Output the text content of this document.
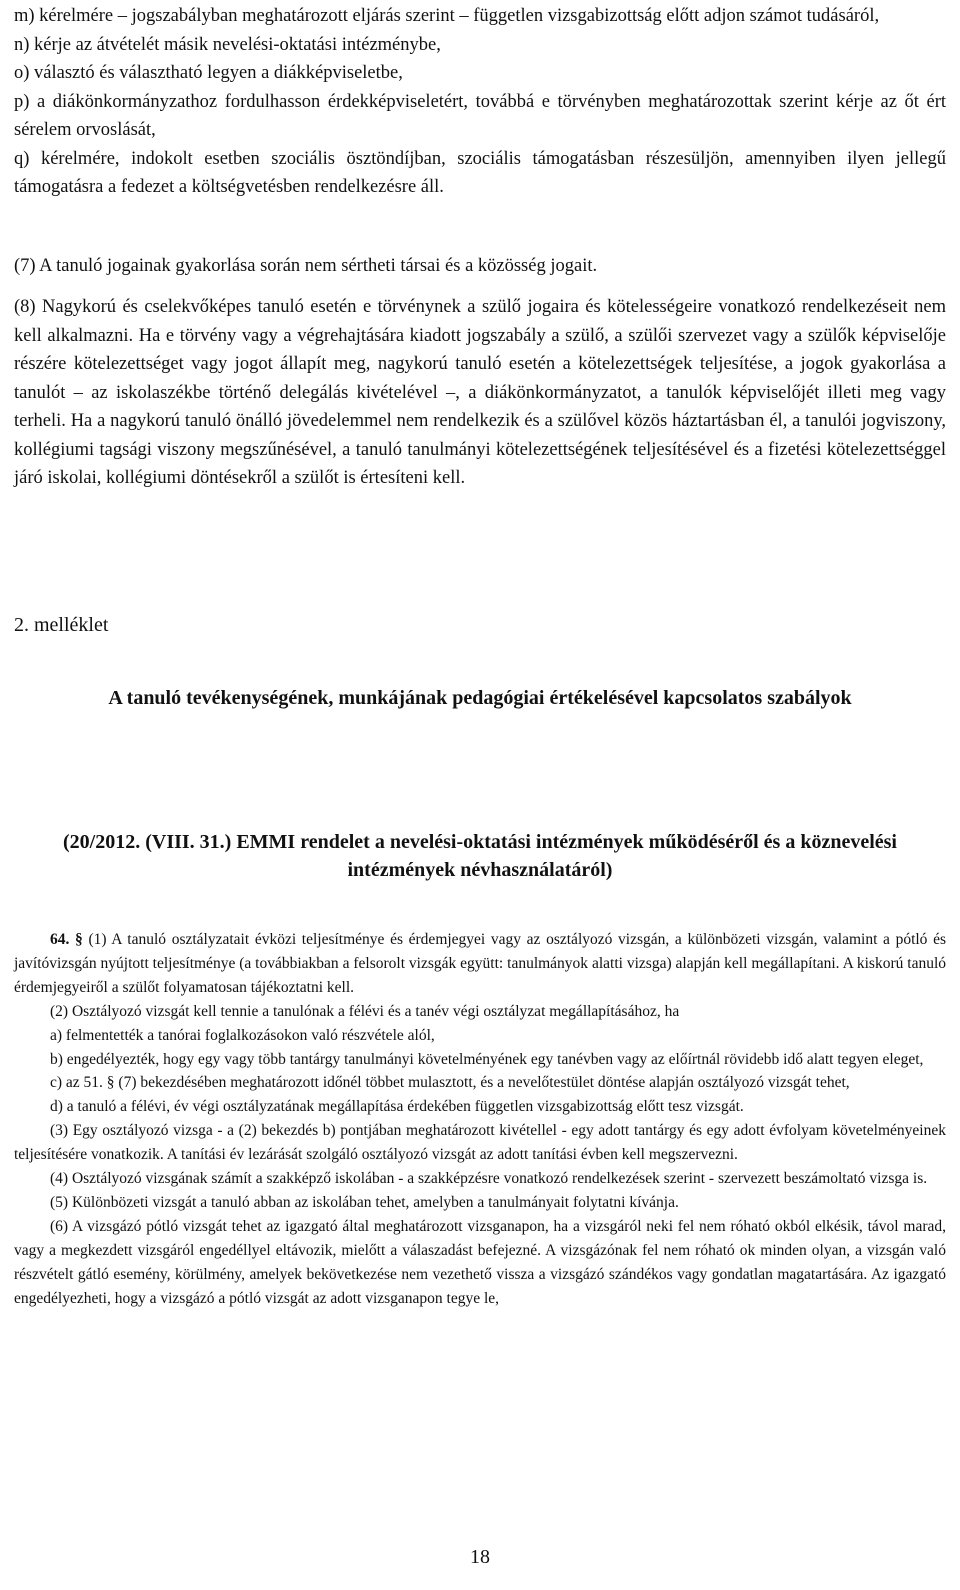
m) kérelmére – jogszabályban meghatározott eljárás szerint – független vizsgabizottság előtt adjon számot tudásáról,

n) kérje az átvételét másik nevelési-oktatási intézménybe,

o) választó és választható legyen a diákképviseletbe,

p) a diákönkormányzathoz fordulhasson érdekképviseletért, továbbá e törvényben meghatározottak szerint kérje az őt ért sérelem orvoslását,

q) kérelmére, indokolt esetben szociális ösztöndíjban, szociális támogatásban részesüljön, amennyiben ilyen jellegű támogatásra a fedezet a költségvetésben rendelkezésre áll.

(7) A tanuló jogainak gyakorlása során nem sértheti társai és a közösség jogait.

(8) Nagykorú és cselekvőképes tanuló esetén e törvénynek a szülő jogaira és kötelességeire vonatkozó rendelkezéseit nem kell alkalmazni. Ha e törvény vagy a végrehajtására kiadott jogszabály a szülő, a szülői szervezet vagy a szülők képviselője részére kötelezettséget vagy jogot állapít meg, nagykorú tanuló esetén a kötelezettségek teljesítése, a jogok gyakorlása a tanulót – az iskolaszékbe történő delegálás kivételével –, a diákönkormányzatot, a tanulók képviselőjét illeti meg vagy terheli. Ha a nagykorú tanuló önálló jövedelemmel nem rendelkezik és a szülővel közös háztartásban él, a tanulói jogviszony, kollégiumi tagsági viszony megszűnésével, a tanuló tanulmányi kötelezettségének teljesítésével és a fizetési kötelezettséggel járó iskolai, kollégiumi döntésekről a szülőt is értesíteni kell.

2. melléklet

A tanuló tevékenységének, munkájának pedagógiai értékelésével kapcsolatos szabályok

(20/2012. (VIII. 31.) EMMI rendelet a nevelési-oktatási intézmények működéséről és a köznevelési intézmények névhasználatáról)

64. § (1) A tanuló osztályzatait évközi teljesítménye és érdemjegyei vagy az osztályozó vizsgán, a különbözeti vizsgán, valamint a pótló és javítóvizsgán nyújtott teljesítménye (a továbbiakban a felsorolt vizsgák együtt: tanulmányok alatti vizsga) alapján kell megállapítani. A kiskorú tanuló érdemjegyeiről a szülőt folyamatosan tájékoztatni kell.

(2) Osztályozó vizsgát kell tennie a tanulónak a félévi és a tanév végi osztályzat megállapításához, ha

a) felmentették a tanórai foglalkozásokon való részvétele alól,

b) engedélyezték, hogy egy vagy több tantárgy tanulmányi követelményének egy tanévben vagy az előírtnál rövidebb idő alatt tegyen eleget,

c) az 51. § (7) bekezdésében meghatározott időnél többet mulasztott, és a nevelőtestület döntése alapján osztályozó vizsgát tehet,

d) a tanuló a félévi, év végi osztályzatának megállapítása érdekében független vizsgabizottság előtt tesz vizsgát.

(3) Egy osztályozó vizsga - a (2) bekezdés b) pontjában meghatározott kivétellel - egy adott tantárgy és egy adott évfolyam követelményeinek teljesítésére vonatkozik. A tanítási év lezárását szolgáló osztályozó vizsgát az adott tanítási évben kell megszervezni.

(4) Osztályozó vizsgának számít a szakképző iskolában - a szakképzésre vonatkozó rendelkezések szerint - szervezett beszámoltató vizsga is.

(5) Különbözeti vizsgát a tanuló abban az iskolában tehet, amelyben a tanulmányait folytatni kívánja.

(6) A vizsgázó pótló vizsgát tehet az igazgató által meghatározott vizsganapon, ha a vizsgáról neki fel nem róható okból elkésik, távol marad, vagy a megkezdett vizsgáról engedéllyel eltávozik, mielőtt a válaszadást befejezné. A vizsgázónak fel nem róható ok minden olyan, a vizsgán való részvételt gátló esemény, körülmény, amelyek bekövetkezése nem vezethető vissza a vizsgázó szándékos vagy gondatlan magatartására. Az igazgató engedélyezheti, hogy a vizsgázó a pótló vizsgát az adott vizsganapon tegye le,

18
